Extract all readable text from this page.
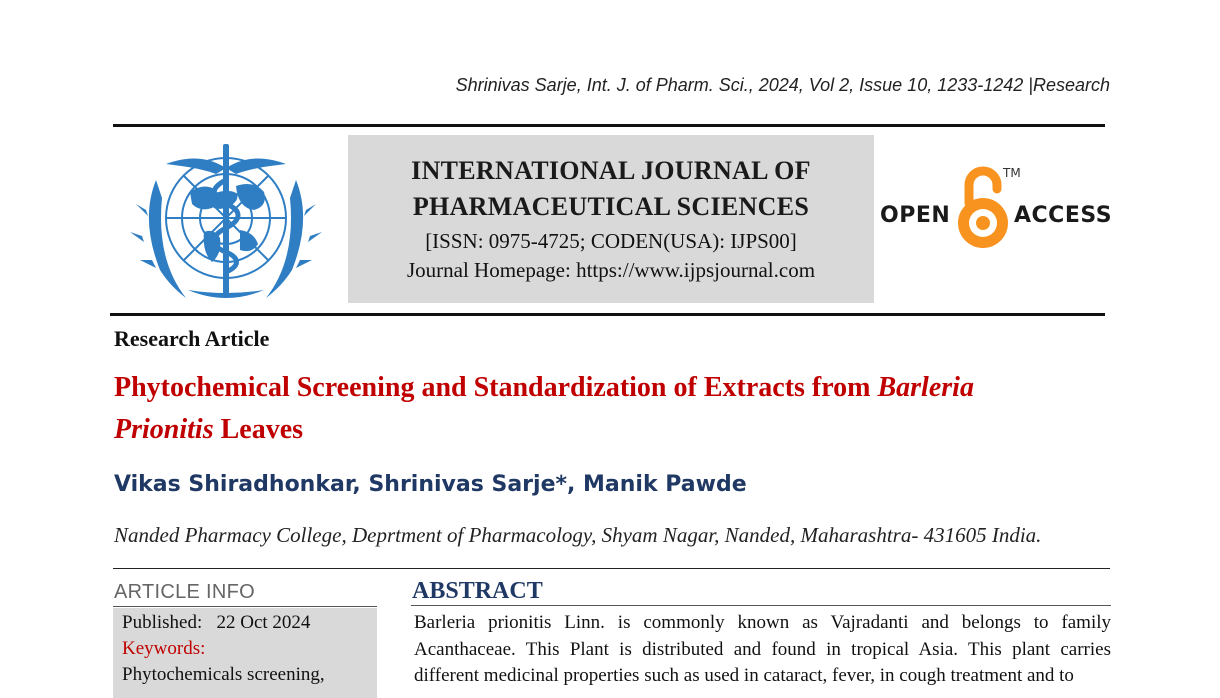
Shrinivas Sarje, Int. J. of Pharm. Sci., 2024, Vol 2, Issue 10, 1233-1242 |Research
INTERNATIONAL JOURNAL OF
PHARMACEUTICAL SCIENCES
[ISSN: 0975-4725; CODEN(USA): IJPS00]
Journal Homepage: https://www.ijpsjournal.com
OPEN
TM
ACCESS
Research Article
Phytochemical Screening and Standardization of Extracts from Barleria
Prionitis Leaves
Vikas Shiradhonkar, Shrinivas Sarje*, Manik Pawde
Nanded Pharmacy College, Deprtment of Pharmacology, Shyam Nagar, Nanded, Maharashtra- 431605 India.
ARTICLE INFO
Published: 22 Oct 2024
Keywords:
Phytochemicals screening,
ABSTRACT
Barleria prionitis Linn. is commonly known as Vajradanti and belongs to family Acanthaceae. This Plant is distributed and found in tropical Asia. This plant carries different medicinal properties such as used in cataract, fever, in cough treatment and to
